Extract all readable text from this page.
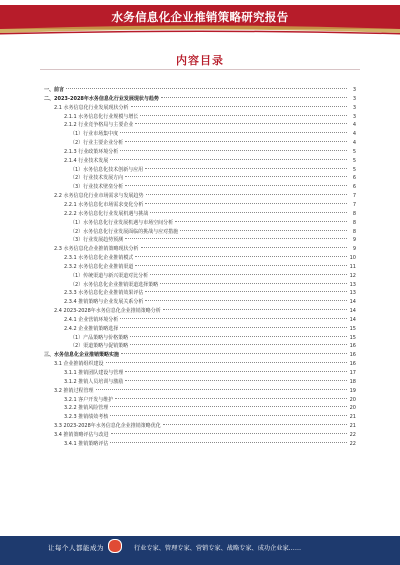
水务信息化企业推销策略研究报告
内容目录
一、前言	3
二、2023-2028年水务信息化行业发展现状与趋势	3
2.1 水务信息化行业发展现状分析	3
2.1.1 水务信息化行业规模与增长	3
2.1.2 行业竞争格局与主要企业	4
（1）行业市场集中度	4
（2）行业主要企业分析	4
2.1.3 行业政策环境分析	5
2.1.4 行业技术发展	5
（1）水务信息化技术创新与应用	5
（2）行业技术发展方向	6
（3）行业技术壁垒分析	6
2.2 水务信息化行业市场需求与发展趋势	7
2.2.1 水务信息化市场需求变化分析	7
2.2.2 水务信息化行业发展机遇与挑战	8
（1）水务信息化行业发展机遇与市场空间分析	8
（2）水务信息化行业发展面临的挑战与应对措施	8
（3）行业发展趋势预测	9
2.3 水务信息化企业推销策略现状分析	9
2.3.1 水务信息化企业推销模式	10
2.3.2 水务信息化企业推销渠道	11
（1）传统渠道与新兴渠道对比分析	12
（2）水务信息化企业推销渠道选择策略	13
2.3.3 水务信息化企业推销效果评估	13
2.3.4 推销策略与企业发展关系分析	14
2.4 2023-2028年水务信息化企业推销策略分析	14
2.4.1 企业营销环境分析	14
2.4.2 企业推销策略选择	15
（1）产品策略与价格策略	15
（2）渠道策略与促销策略	16
三、水务信息化企业推销策略实施	16
3.1 企业推销组织建设	16
3.1.1 推销团队建设与管理	17
3.1.2 推销人员培训与激励	18
3.2 推销过程管理	19
3.2.1 客户开发与维护	20
3.2.2 推销风险管理	20
3.2.3 推销绩效考核	21
3.3 2023-2028年水务信息化企业推销策略优化	21
3.4 推销策略评估与改进	22
3.4.1 推销策略评估	22
让每个人都能成为	行业专家、管理专家、营销专家、战略专家、成功企业家……
